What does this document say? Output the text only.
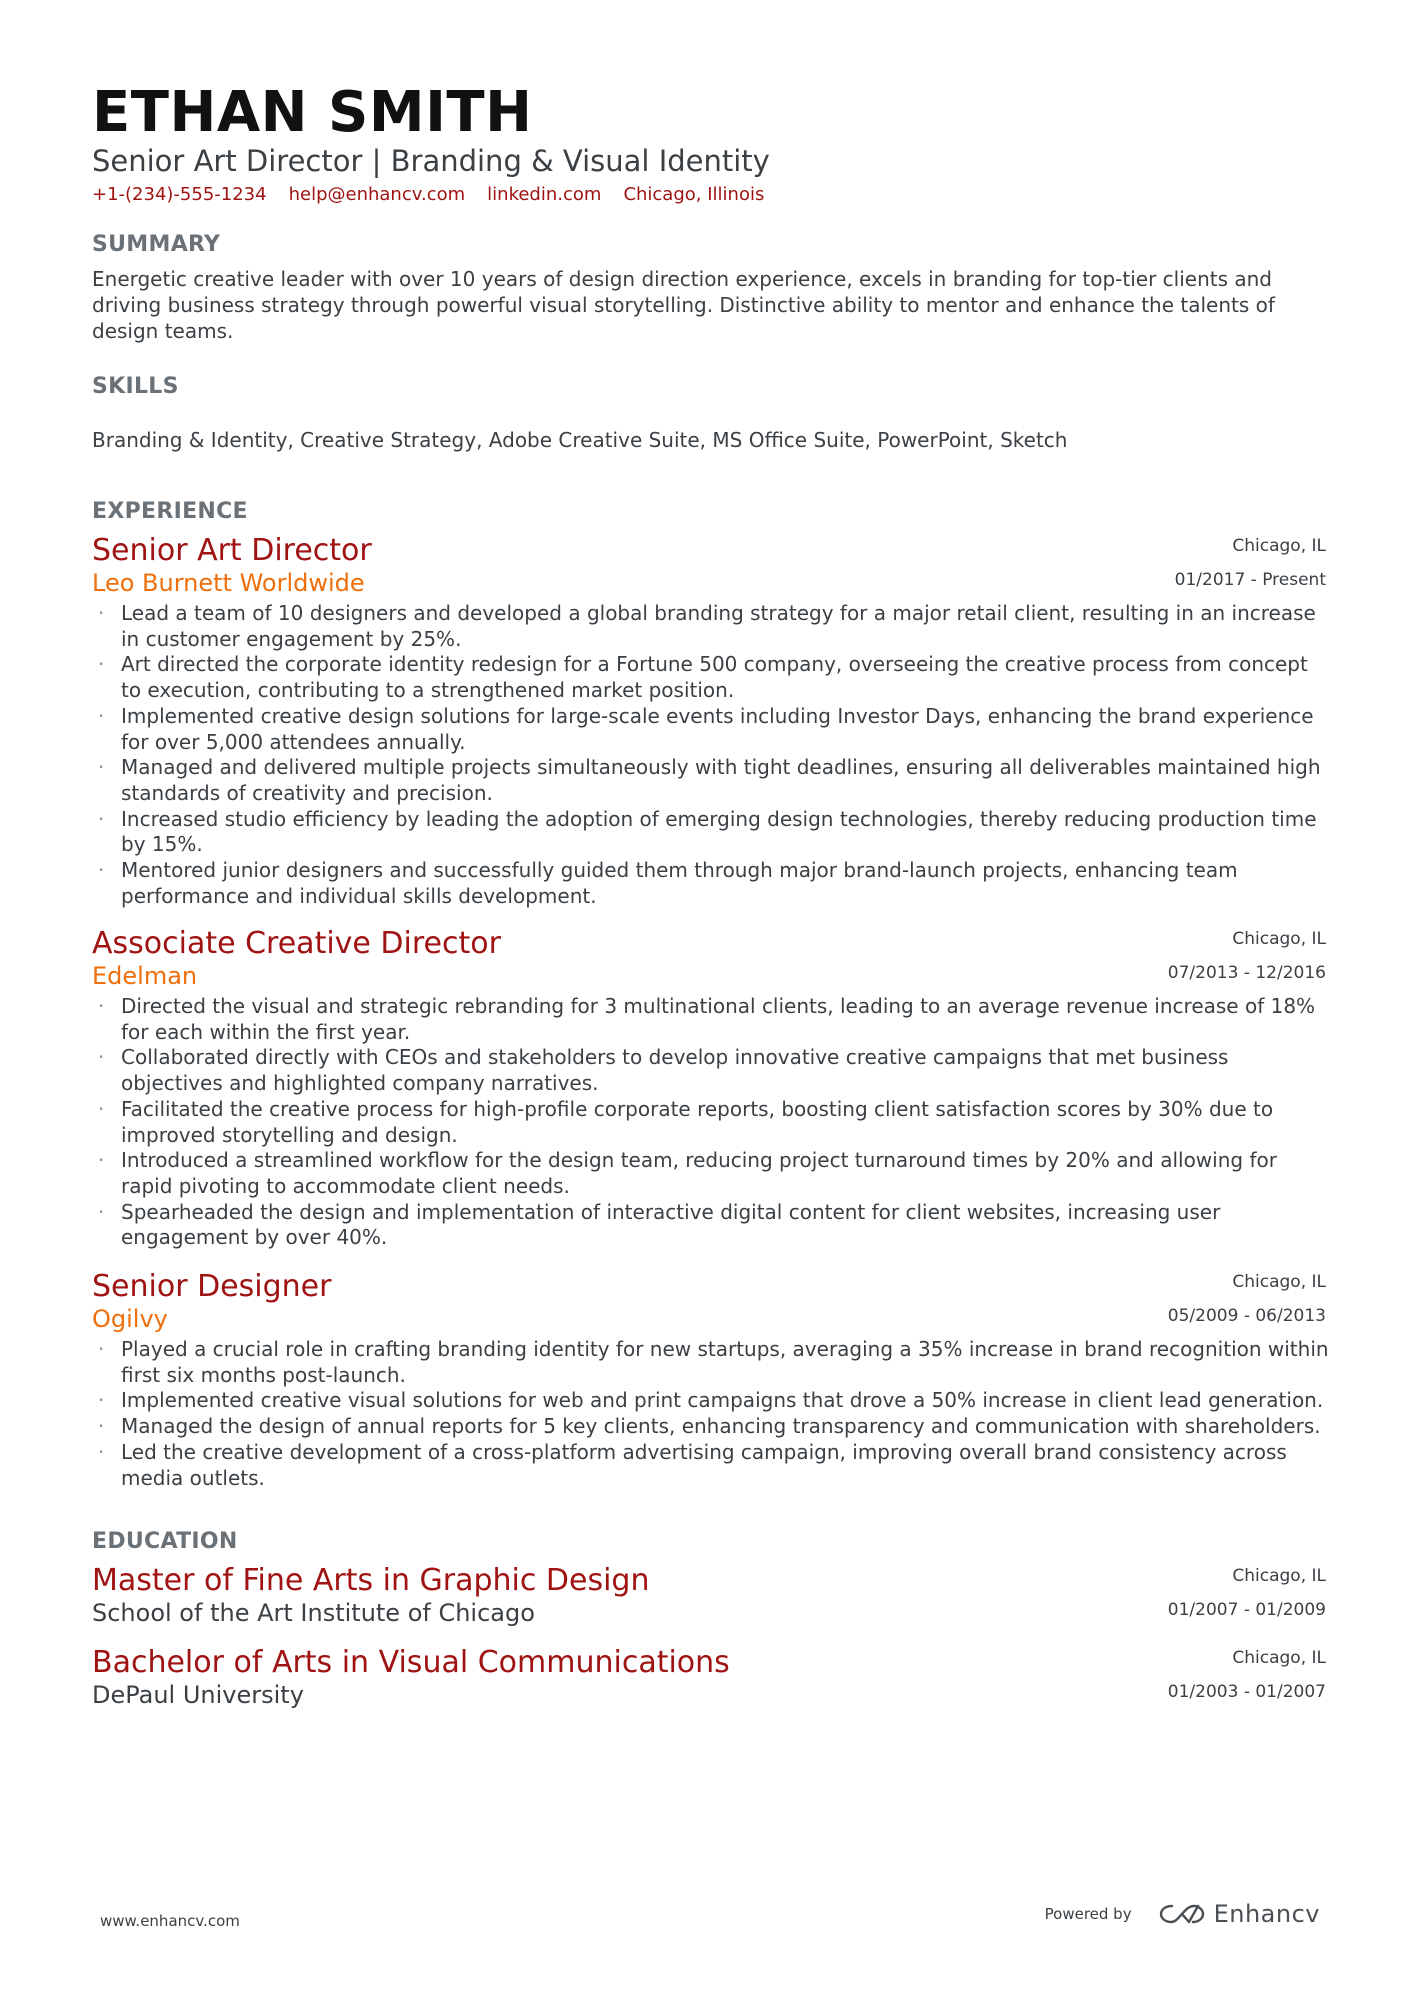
ETHAN SMITH
Senior Art Director | Branding & Visual Identity
+1-(234)-555-1234 help@enhancv.com linkedin.com Chicago, Illinois
SUMMARY
Energetic creative leader with over 10 years of design direction experience, excels in branding for top-tier clients and driving business strategy through powerful visual storytelling. Distinctive ability to mentor and enhance the talents of design teams.
SKILLS
Branding & Identity, Creative Strategy, Adobe Creative Suite, MS Office Suite, PowerPoint, Sketch
EXPERIENCE
Senior Art Director
Leo Burnett Worldwide
Chicago, IL
01/2017 - Present
· Lead a team of 10 designers and developed a global branding strategy for a major retail client, resulting in an increase in customer engagement by 25%.
· Art directed the corporate identity redesign for a Fortune 500 company, overseeing the creative process from concept to execution, contributing to a strengthened market position.
· Implemented creative design solutions for large-scale events including Investor Days, enhancing the brand experience for over 5,000 attendees annually.
· Managed and delivered multiple projects simultaneously with tight deadlines, ensuring all deliverables maintained high standards of creativity and precision.
· Increased studio efficiency by leading the adoption of emerging design technologies, thereby reducing production time by 15%.
· Mentored junior designers and successfully guided them through major brand-launch projects, enhancing team performance and individual skills development.
Associate Creative Director
Edelman
Chicago, IL
07/2013 - 12/2016
· Directed the visual and strategic rebranding for 3 multinational clients, leading to an average revenue increase of 18% for each within the first year.
· Collaborated directly with CEOs and stakeholders to develop innovative creative campaigns that met business objectives and highlighted company narratives.
· Facilitated the creative process for high-profile corporate reports, boosting client satisfaction scores by 30% due to improved storytelling and design.
· Introduced a streamlined workflow for the design team, reducing project turnaround times by 20% and allowing for rapid pivoting to accommodate client needs.
· Spearheaded the design and implementation of interactive digital content for client websites, increasing user engagement by over 40%.
Senior Designer
Ogilvy
Chicago, IL
05/2009 - 06/2013
· Played a crucial role in crafting branding identity for new startups, averaging a 35% increase in brand recognition within first six months post-launch.
· Implemented creative visual solutions for web and print campaigns that drove a 50% increase in client lead generation.
· Managed the design of annual reports for 5 key clients, enhancing transparency and communication with shareholders.
· Led the creative development of a cross-platform advertising campaign, improving overall brand consistency across media outlets.
EDUCATION
Master of Fine Arts in Graphic Design
School of the Art Institute of Chicago
Chicago, IL
01/2007 - 01/2009
Bachelor of Arts in Visual Communications
DePaul University
Chicago, IL
01/2003 - 01/2007
www.enhancv.com	Powered by	Enhancv
